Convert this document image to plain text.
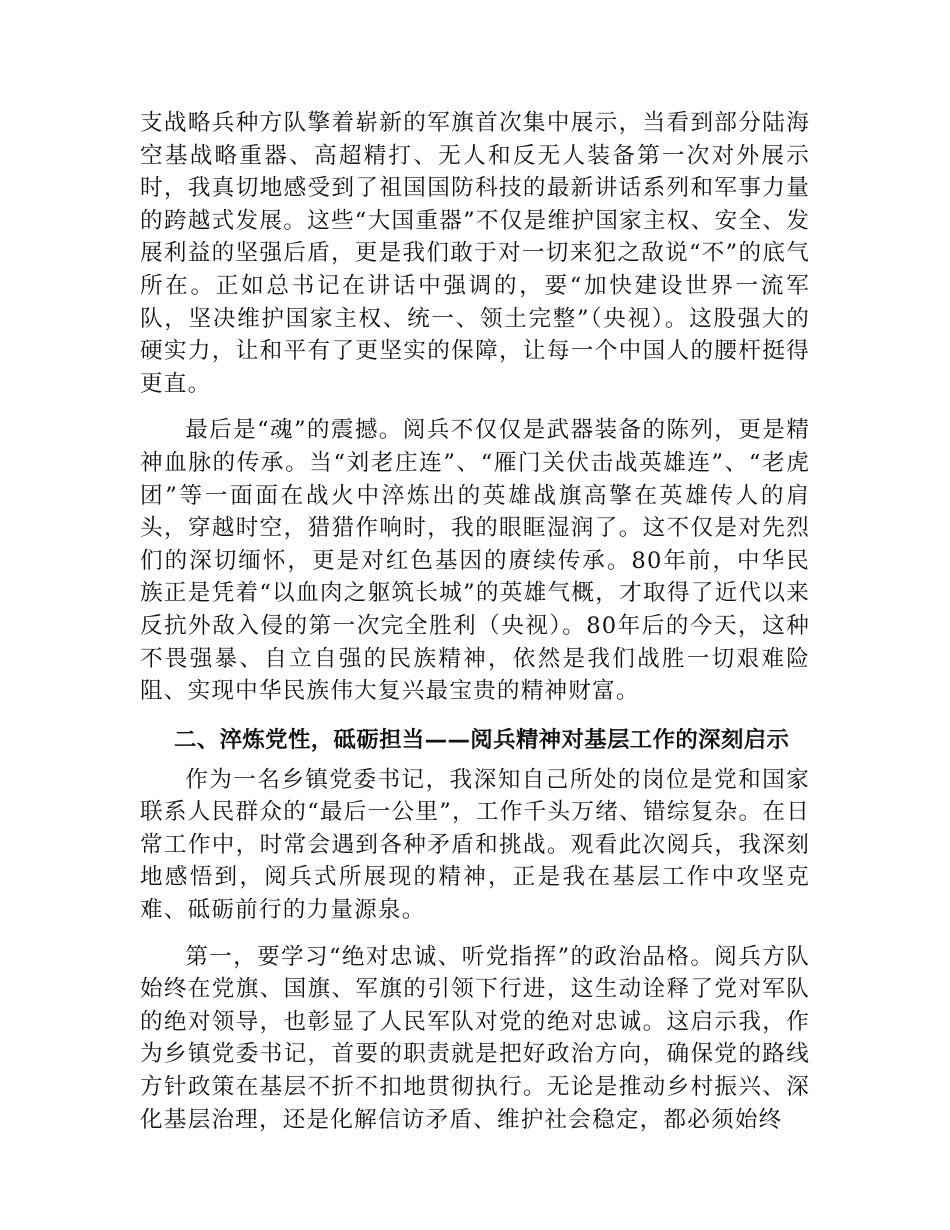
支战略兵种方队擎着崭新的军旗首次集中展示，当看到部分陆海空基战略重器、高超精打、无人和反无人装备第一次对外展示时，我真切地感受到了祖国国防科技的最新讲话系列和军事力量的跨越式发展。这些“大国重器”不仅是维护国家主权、安全、发展利益的坚强后盾，更是我们敢于对一切来犯之敌说“不”的底气所在。正如总书记在讲话中强调的，要“加快建设世界一流军队，坚决维护国家主权、统一、领土完整”（央视）。这股强大的硬实力，让和平有了更坚实的保障，让每一个中国人的腰杆挺得更直。

最后是“魂”的震撼。阅兵不仅仅是武器装备的陈列，更是精神血脉的传承。当“刘老庄连”、“雁门关伏击战英雄连”、“老虎团”等一面面在战火中淬炼出的英雄战旗高擎在英雄传人的肩头，穿越时空，猎猎作响时，我的眼眶湿润了。这不仅是对先烈们的深切缅怀，更是对红色基因的赓续传承。80年前，中华民族正是凭着“以血肉之躯筑长城”的英雄气概，才取得了近代以来反抗外敌入侵的第一次完全胜利（央视）。80年后的今天，这种不畏强暴、自立自强的民族精神，依然是我们战胜一切艰难险阻、实现中华民族伟大复兴最宝贵的精神财富。

二、淬炼党性，砥砺担当——阅兵精神对基层工作的深刻启示

作为一名乡镇党委书记，我深知自己所处的岗位是党和国家联系人民群众的“最后一公里”，工作千头万绪、错综复杂。在日常工作中，时常会遇到各种矛盾和挑战。观看此次阅兵，我深刻地感悟到，阅兵式所展现的精神，正是我在基层工作中攻坚克难、砥砺前行的力量源泉。

第一，要学习“绝对忠诚、听党指挥”的政治品格。阅兵方队始终在党旗、国旗、军旗的引领下行进，这生动诠释了党对军队的绝对领导，也彰显了人民军队对党的绝对忠诚。这启示我，作为乡镇党委书记，首要的职责就是把好政治方向，确保党的路线方针政策在基层不折不扣地贯彻执行。无论是推动乡村振兴、深化基层治理，还是化解信访矛盾、维护社会稳定，都必须始终
